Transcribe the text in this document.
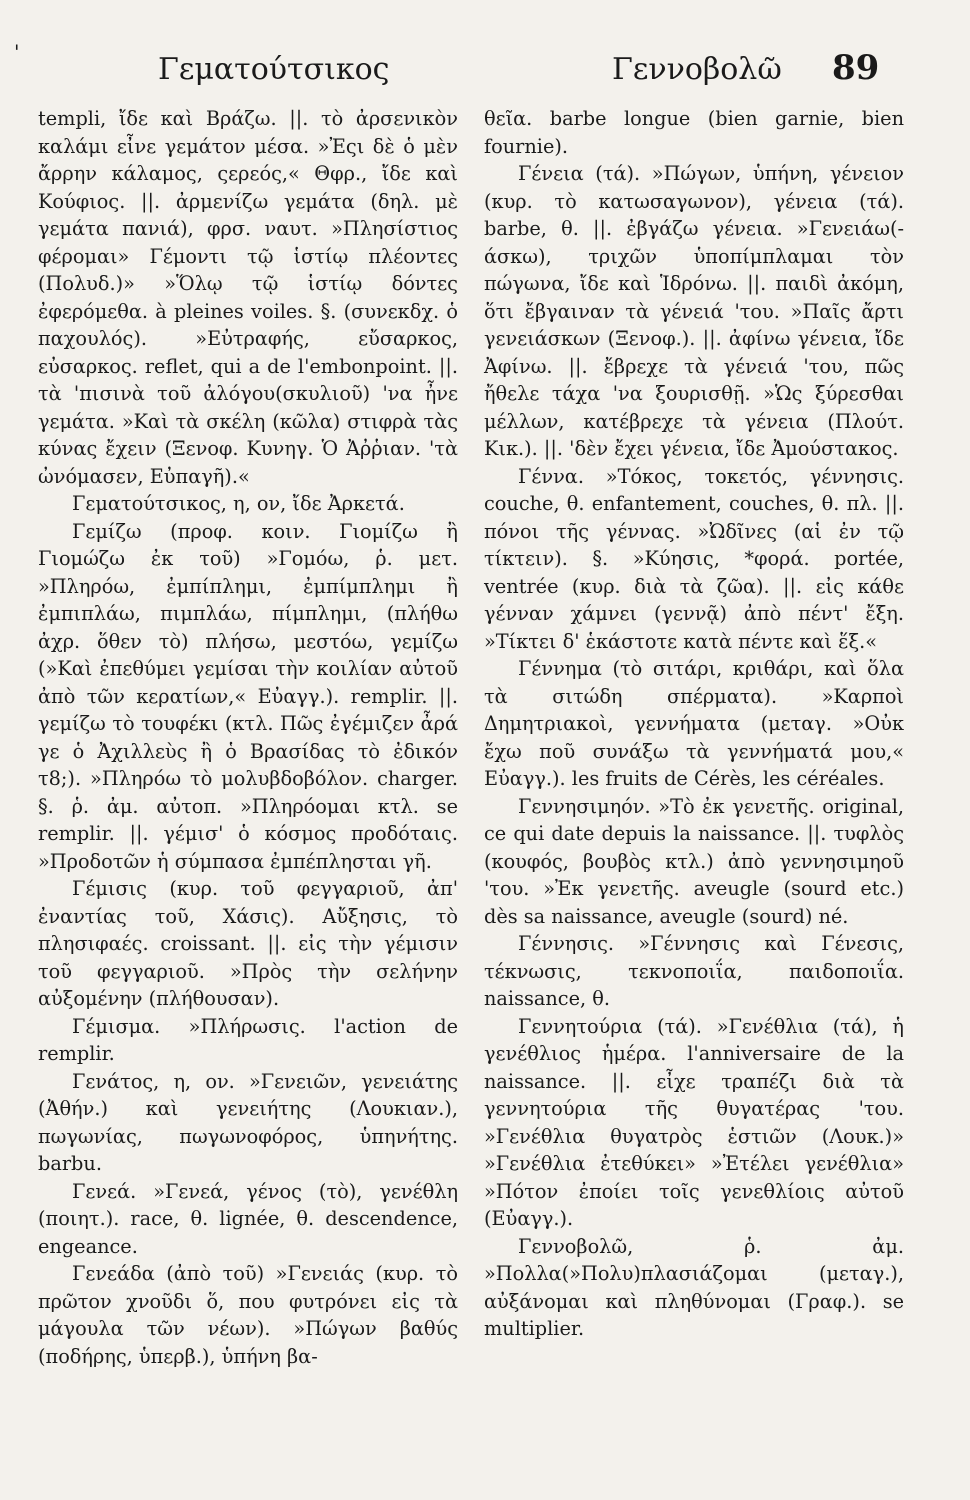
'	Γεματούτσικος	Γεννοβολῶ 89

templi, ἴδε καὶ Βράζω. ||. τὸ ἀρσενικὸν καλάμι εἶνε γεμάτον μέσα. »Ἐςι δὲ ὁ μὲν ἄρρην κάλαμος, ςερεός,« Θφρ., ἴδε καὶ Κούφιος. ||. ἀρμενίζω γεμάτα (δηλ. μὲ γεμάτα πανιά), φρσ. ναυτ. »Πλησίστιος φέρομαι» Γέμοντι τῷ ἱστίῳ πλέοντες (Πολυδ.)» »Ὅλῳ τῷ ἱστίῳ δόντες ἐφερόμεθα. à pleines voiles. §. (συνεκδχ. ὁ παχουλός). »Εὐτραφής, εὔσαρκος, εὐσαρκος. reflet, qui a de l'embonpoint. ||. τὰ 'πισινὰ τοῦ ἀλόγου(σκυλιοῦ) 'να ἦνε γεμάτα. »Καὶ τὰ σκέλη (κῶλα) στιφρὰ τὰς κύνας ἔχειν (Ξενοφ. Κυνηγ. Ὁ Ἀῤῥιαν. 'τὰ ὠνόμασεν, Εὐπαγῆ).«

Γεματούτσικος, η, ον, ἴδε Ἀρκετά.

Γεμίζω (προφ. κοιν. Γιομίζω ἢ Γιομώζω ἐκ τοῦ) »Γομόω, ῥ. μετ. »Πληρόω, ἐμπίπλημι, ἐμπίμπλημι ἢ ἐμπιπλάω, πιμπλάω, πίμπλημι, (πλήθω ἀχρ. ὅθεν τὸ) πλήσω, μεστόω, γεμίζω (»Καὶ ἐπεθύμει γεμίσαι τὴν κοιλίαν αὐτοῦ ἀπὸ τῶν κερατίων,« Εὐαγγ.). remplir. ||. γεμίζω τὸ τουφέκι (κτλ. Πῶς ἐγέμιζεν ἆρά γε ὁ Ἀχιλλεὺς ἢ ὁ Βρασίδας τὸ ἐδικόν τ8;). »Πληρόω τὸ μολυβδοβόλον. charger. §. ῥ. ἀμ. αὐτοπ. »Πληρόομαι κτλ. se remplir. ||. γέμισ' ὁ κόσμος προδόταις. »Προδοτῶν ἡ σύμπασα ἐμπέπλησται γῆ.

Γέμισις (κυρ. τοῦ φεγγαριοῦ, ἀπ' ἐναντίας τοῦ, Χάσις). Αὔξησις, τὸ πλησιφαές. croissant. ||. εἰς τὴν γέμισιν τοῦ φεγγαριοῦ. »Πρὸς τὴν σελήνην αὐξομένην (πλήθουσαν).

Γέμισμα. »Πλήρωσις. l'action de remplir.

Γενάτος, η, ον. »Γενειῶν, γενειάτης (Ἀθήν.) καὶ γενειήτης (Λουκιαν.), πωγωνίας, πωγωνοφόρος, ὑπηνήτης. barbu.

Γενεά. »Γενεά, γένος (τὸ), γενέθλη (ποιητ.). race, θ. lignée, θ. descendence, engeance.

Γενεάδα (ἀπὸ τοῦ) »Γενειάς (κυρ. τὸ πρῶτον χνοῦδι ὅ, που φυτρόνει εἰς τὰ μάγουλα τῶν νέων). »Πώγων βαθύς (ποδήρης, ὑπερβ.), ὑπήνη βα-

θεῖα. barbe longue (bien garnie, bien fournie).

Γένεια (τά). »Πώγων, ὑπήνη, γένειον (κυρ. τὸ κατωσαγωνον), γένεια (τά). barbe, θ. ||. ἐβγάζω γένεια. »Γενειάω(-άσκω), τριχῶν ὑποπίμπλαμαι τὸν πώγωνα, ἴδε καὶ Ἱδρόνω. ||. παιδὶ ἀκόμη, ὅτι ἔβγαιναν τὰ γένειά 'του. »Παῖς ἄρτι γενειάσκων (Ξενοφ.). ||. ἀφίνω γένεια, ἴδε Ἀφίνω. ||. ἔβρεχε τὰ γένειά 'του, πῶς ἤθελε τάχα 'να ξουρισθῇ. »Ὡς ξύρεσθαι μέλλων, κατέβρεχε τὰ γένεια (Πλούτ. Κικ.). ||. 'δὲν ἔχει γένεια, ἴδε Ἀμούστακος.

Γέννα. »Τόκος, τοκετός, γέννησις. couche, θ. enfantement, couches, θ. πλ. ||. πόνοι τῆς γέννας. »Ὠδῖνες (αἱ ἐν τῷ τίκτειν). §. »Κύησις, *φορά. portée, ventrée (κυρ. διὰ τὰ ζῶα). ||. εἰς κάθε γένναν χάμνει (γεννᾷ) ἀπὸ πέντ' ἔξη. »Τίκτει δ' ἑκάστοτε κατὰ πέντε καὶ ἕξ.«

Γέννημα (τὸ σιτάρι, κριθάρι, καὶ ὅλα τὰ σιτώδη σπέρματα). »Καρποὶ Δημητριακοὶ, γεννήματα (μεταγ. »Οὐκ ἔχω ποῦ συνάξω τὰ γεννήματά μου,« Εὐαγγ.). les fruits de Cérès, les céréales.

Γεννησιμηόν. »Τὸ ἐκ γενετῆς. original, ce qui date depuis la naissance. ||. τυφλὸς (κουφός, βουβὸς κτλ.) ἀπὸ γεννησιμηοῦ 'του. »Ἐκ γενετῆς. aveugle (sourd etc.) dès sa naissance, aveugle (sourd) né.

Γέννησις. »Γέννησις καὶ Γένεσις, τέκνωσις, τεκνοποιΐα, παιδοποιΐα. naissance, θ.

Γεννητούρια (τά). »Γενέθλια (τά), ἡ γενέθλιος ἡμέρα. l'anniversaire de la naissance. ||. εἶχε τραπέζι διὰ τὰ γεννητούρια τῆς θυγατέρας 'του. »Γενέθλια θυγατρὸς ἑστιῶν (Λουκ.)» »Γενέθλια ἐτεθύκει» »Ἐτέλει γενέθλια» »Πότον ἐποίει τοῖς γενεθλίοις αὐτοῦ (Εὐαγγ.).

Γεννοβολῶ, ῥ. ἀμ. »Πολλα(»Πολυ)πλασιάζομαι (μεταγ.), αὐξάνομαι καὶ πληθύνομαι (Γραφ.). se multiplier.
